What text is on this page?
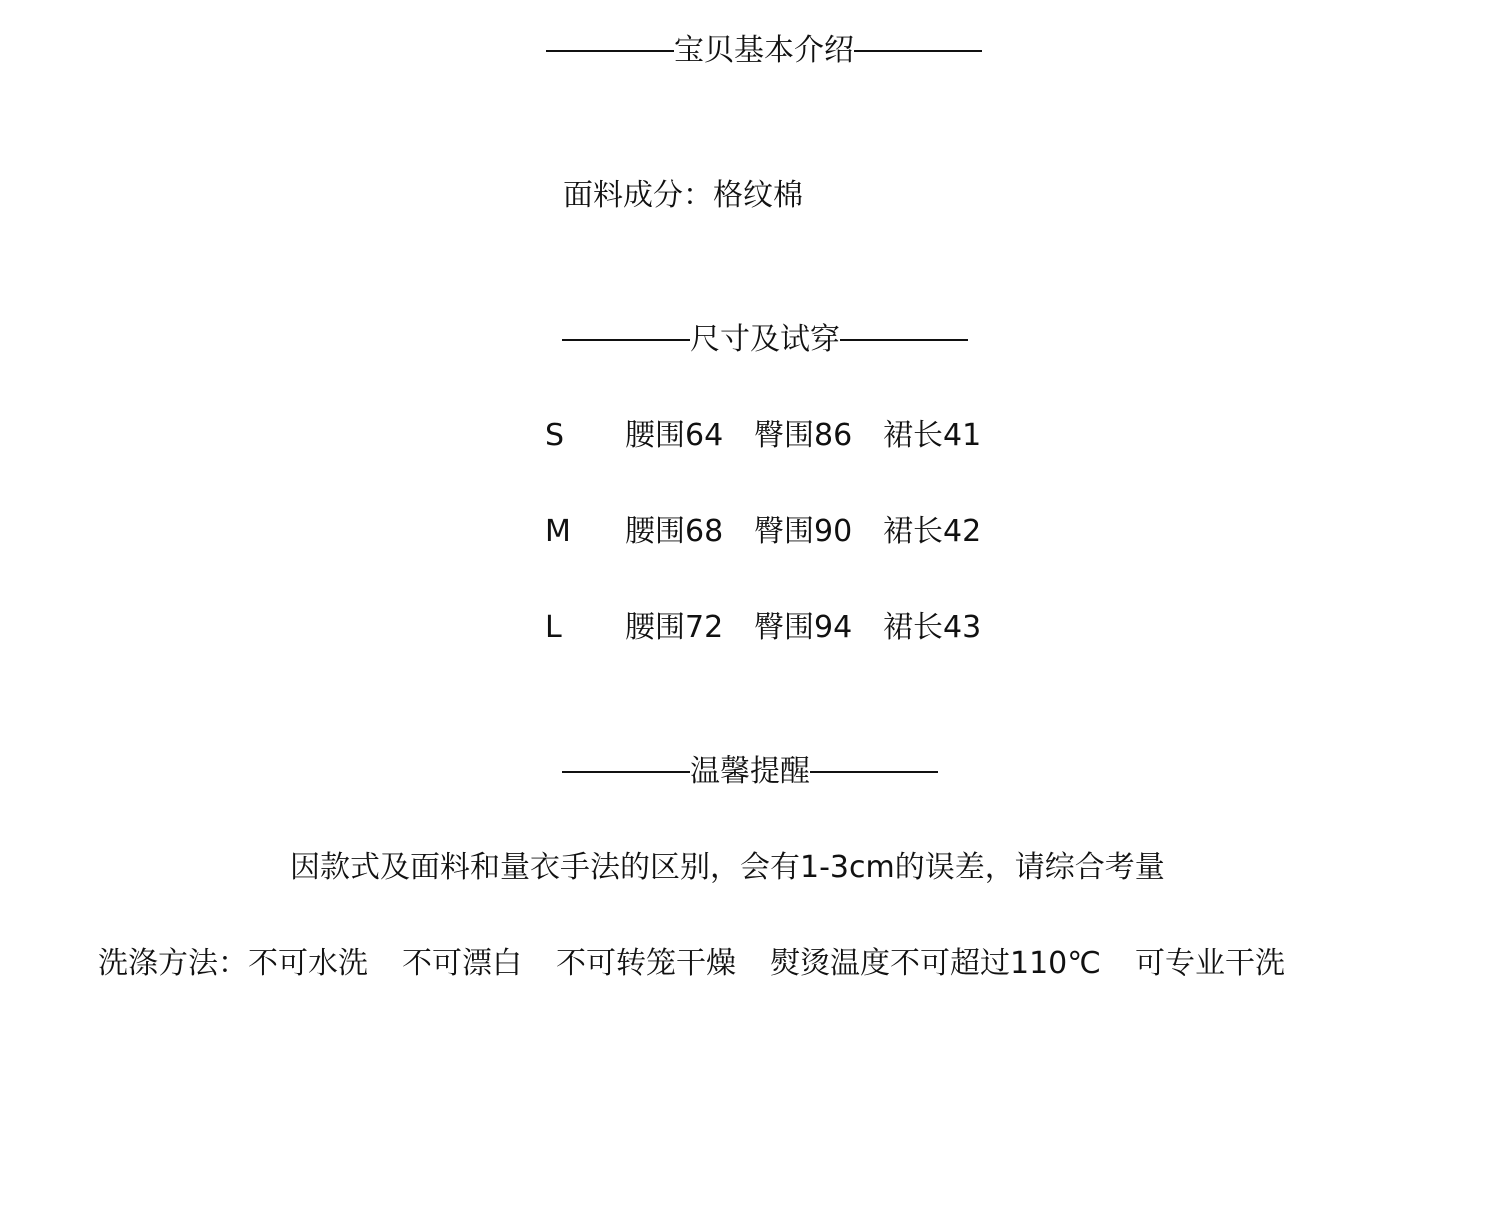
宝贝基本介绍
面料成分：格纹棉
尺寸及试穿
S	腰围64	臀围86	裙长41
M	腰围68	臀围90	裙长42
L	腰围72	臀围94	裙长43
温馨提醒
因款式及面料和量衣手法的区别，会有1-3cm的误差，请综合考量
洗涤方法： 不可水洗 不可漂白 不可转笼干燥 熨烫温度不可超过110℃ 可专业干洗
